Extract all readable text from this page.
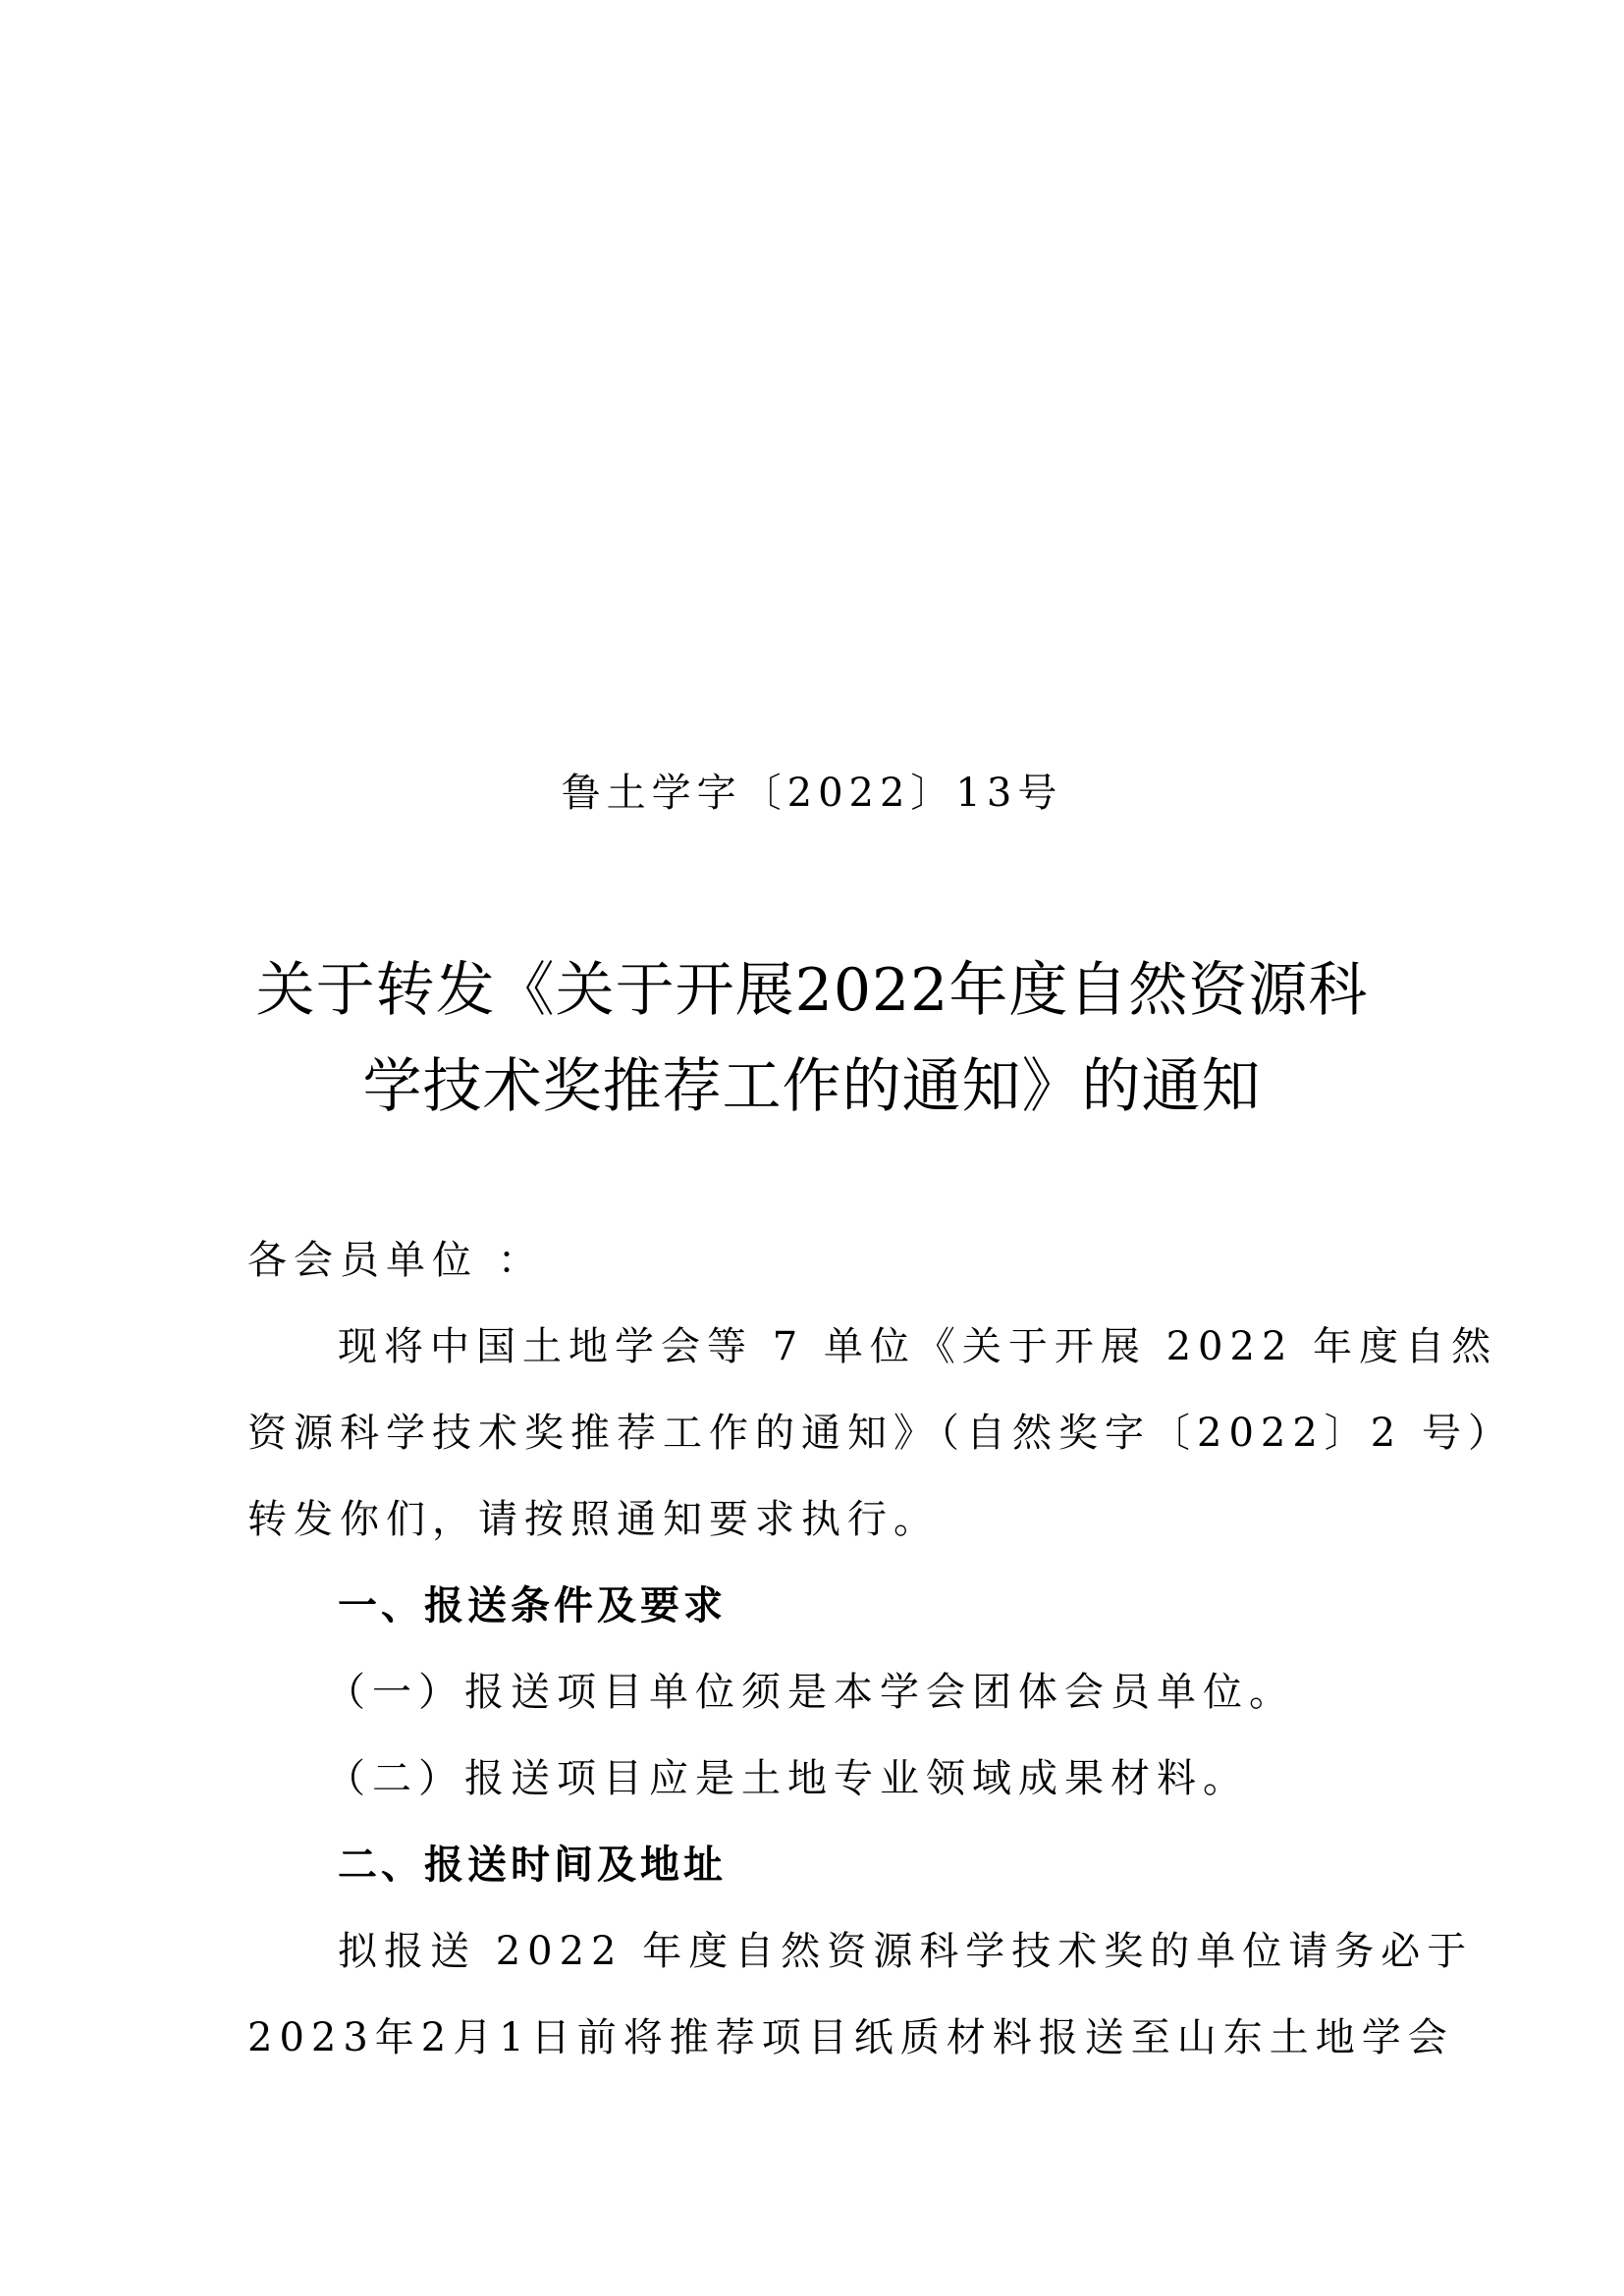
鲁土学字〔2022〕13号
关于转发《关于开展2022年度自然资源科
学技术奖推荐工作的通知》的通知
各会员单位 ：
现将中国土地学会等 7 单位《关于开展 2022 年度自然
资源科学技术奖推荐工作的通知》（自然奖字〔2022〕2 号）
转发你们，请按照通知要求执行。
一、报送条件及要求
（一）报送项目单位须是本学会团体会员单位。
（二）报送项目应是土地专业领域成果材料。
二、报送时间及地址
拟报送 2022 年度自然资源科学技术奖的单位请务必于
2023年2月1日前将推荐项目纸质材料报送至山东土地学会
